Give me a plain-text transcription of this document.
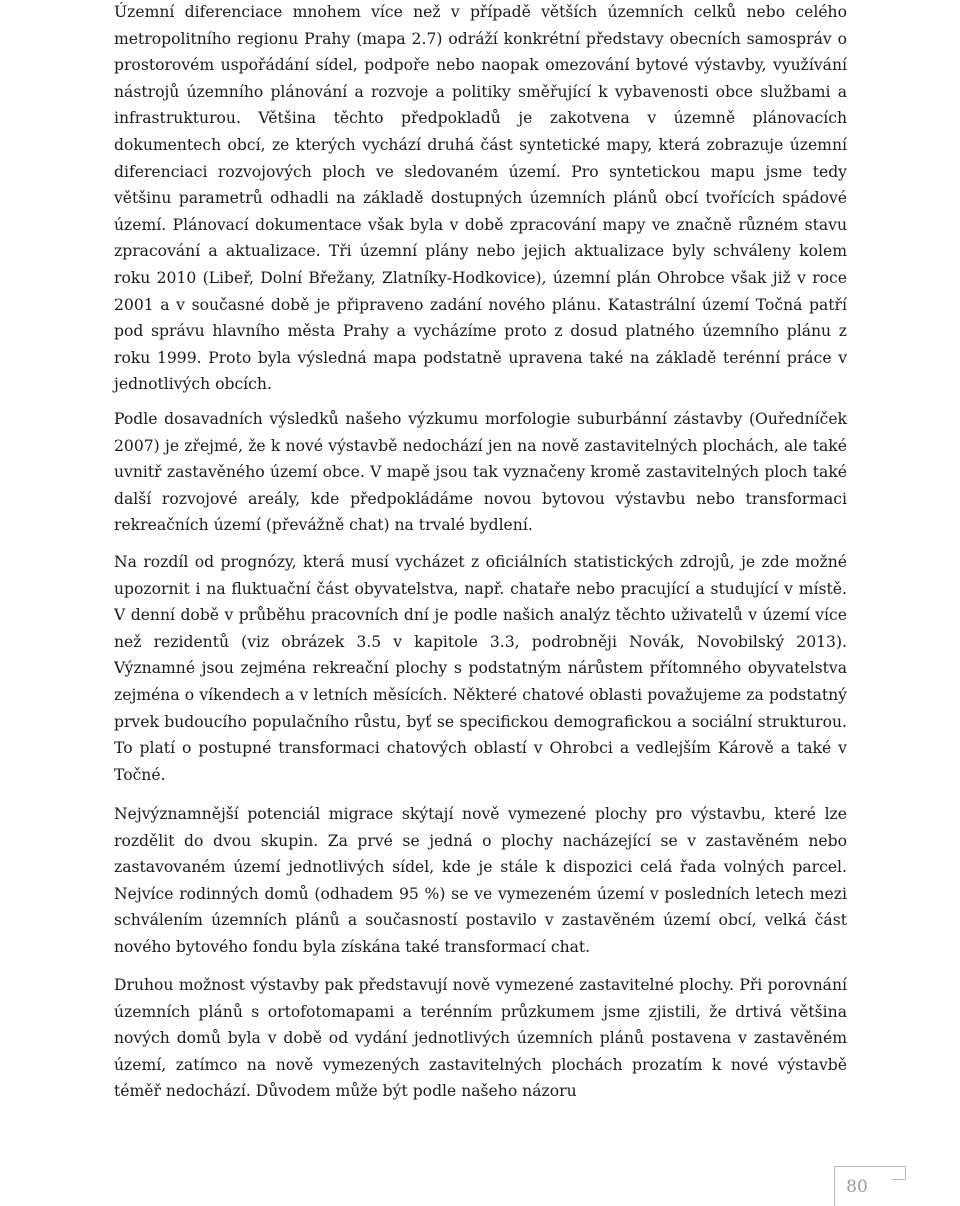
Územní diferenciace mnohem více než v případě větších územních celků nebo celého metropolitního regionu Prahy (mapa 2.7) odráží konkrétní představy obecních samospráv o prostorovém uspořádání sídel, podpoře nebo naopak omezování bytové výstavby, využívání nástrojů územního plánování a rozvoje a politiky směřující k vybavenosti obce službami a infrastrukturou. Většina těchto předpokladů je zakotvena v územně plánovacích dokumentech obcí, ze kterých vychází druhá část syntetické mapy, která zobrazuje územní diferenciaci rozvojových ploch ve sledovaném území. Pro syntetickou mapu jsme tedy většinu parametrů odhadli na základě dostupných územních plánů obcí tvořících spádové území. Plánovací dokumentace však byla v době zpracování mapy ve značně různém stavu zpracování a aktualizace. Tři územní plány nebo jejich aktualizace byly schváleny kolem roku 2010 (Libeř, Dolní Břežany, Zlatníky-Hodkovice), územní plán Ohrobce však již v roce 2001 a v současné době je připraveno zadání nového plánu. Katastrální území Točná patří pod správu hlavního města Prahy a vycházíme proto z dosud platného územního plánu z roku 1999. Proto byla výsledná mapa podstatně upravena také na základě terénní práce v jednotlivých obcích.

Podle dosavadních výsledků našeho výzkumu morfologie suburbánní zástavby (Ouředníček 2007) je zřejmé, že k nové výstavbě nedochází jen na nově zastavitelných plochách, ale také uvnitř zastavěného území obce. V mapě jsou tak vyznačeny kromě zastavitelných ploch také další rozvojové areály, kde předpokládáme novou bytovou výstavbu nebo transformaci rekreačních území (převážně chat) na trvalé bydlení.

Na rozdíl od prognózy, která musí vycházet z oficiálních statistických zdrojů, je zde možné upozornit i na fluktuační část obyvatelstva, např. chataře nebo pracující a studující v místě. V denní době v průběhu pracovních dní je podle našich analýz těchto uživatelů v území více než rezidentů (viz obrázek 3.5 v kapitole 3.3, podrobněji Novák, Novobilský 2013). Významné jsou zejména rekreační plochy s podstatným nárůstem přítomného obyvatelstva zejména o víkendech a v letních měsících. Některé chatové oblasti považujeme za podstatný prvek budoucího populačního růstu, byť se specifickou demografickou a sociální strukturou. To platí o postupné transformaci chatových oblastí v Ohrobci a vedlejším Kárově a také v Točné.

Nejvýznamnější potenciál migrace skýtají nově vymezené plochy pro výstavbu, které lze rozdělit do dvou skupin. Za prvé se jedná o plochy nacházející se v zastavěném nebo zastavovaném území jednotlivých sídel, kde je stále k dispozici celá řada volných parcel. Nejvíce rodinných domů (odhadem 95 %) se ve vymezeném území v posledních letech mezi schválením územních plánů a současností postavilo v zastavěném území obcí, velká část nového bytového fondu byla získána také transformací chat.

Druhou možnost výstavby pak představují nově vymezené zastavitelné plochy. Při porovnání územních plánů s ortofotomapami a terénním průzkumem jsme zjistili, že drtivá většina nových domů byla v době od vydání jednotlivých územních plánů postavena v zastavěném území, zatímco na nově vymezených zastavitelných plochách prozatím k nové výstavbě téměř nedochází. Důvodem může být podle našeho názoru

80
